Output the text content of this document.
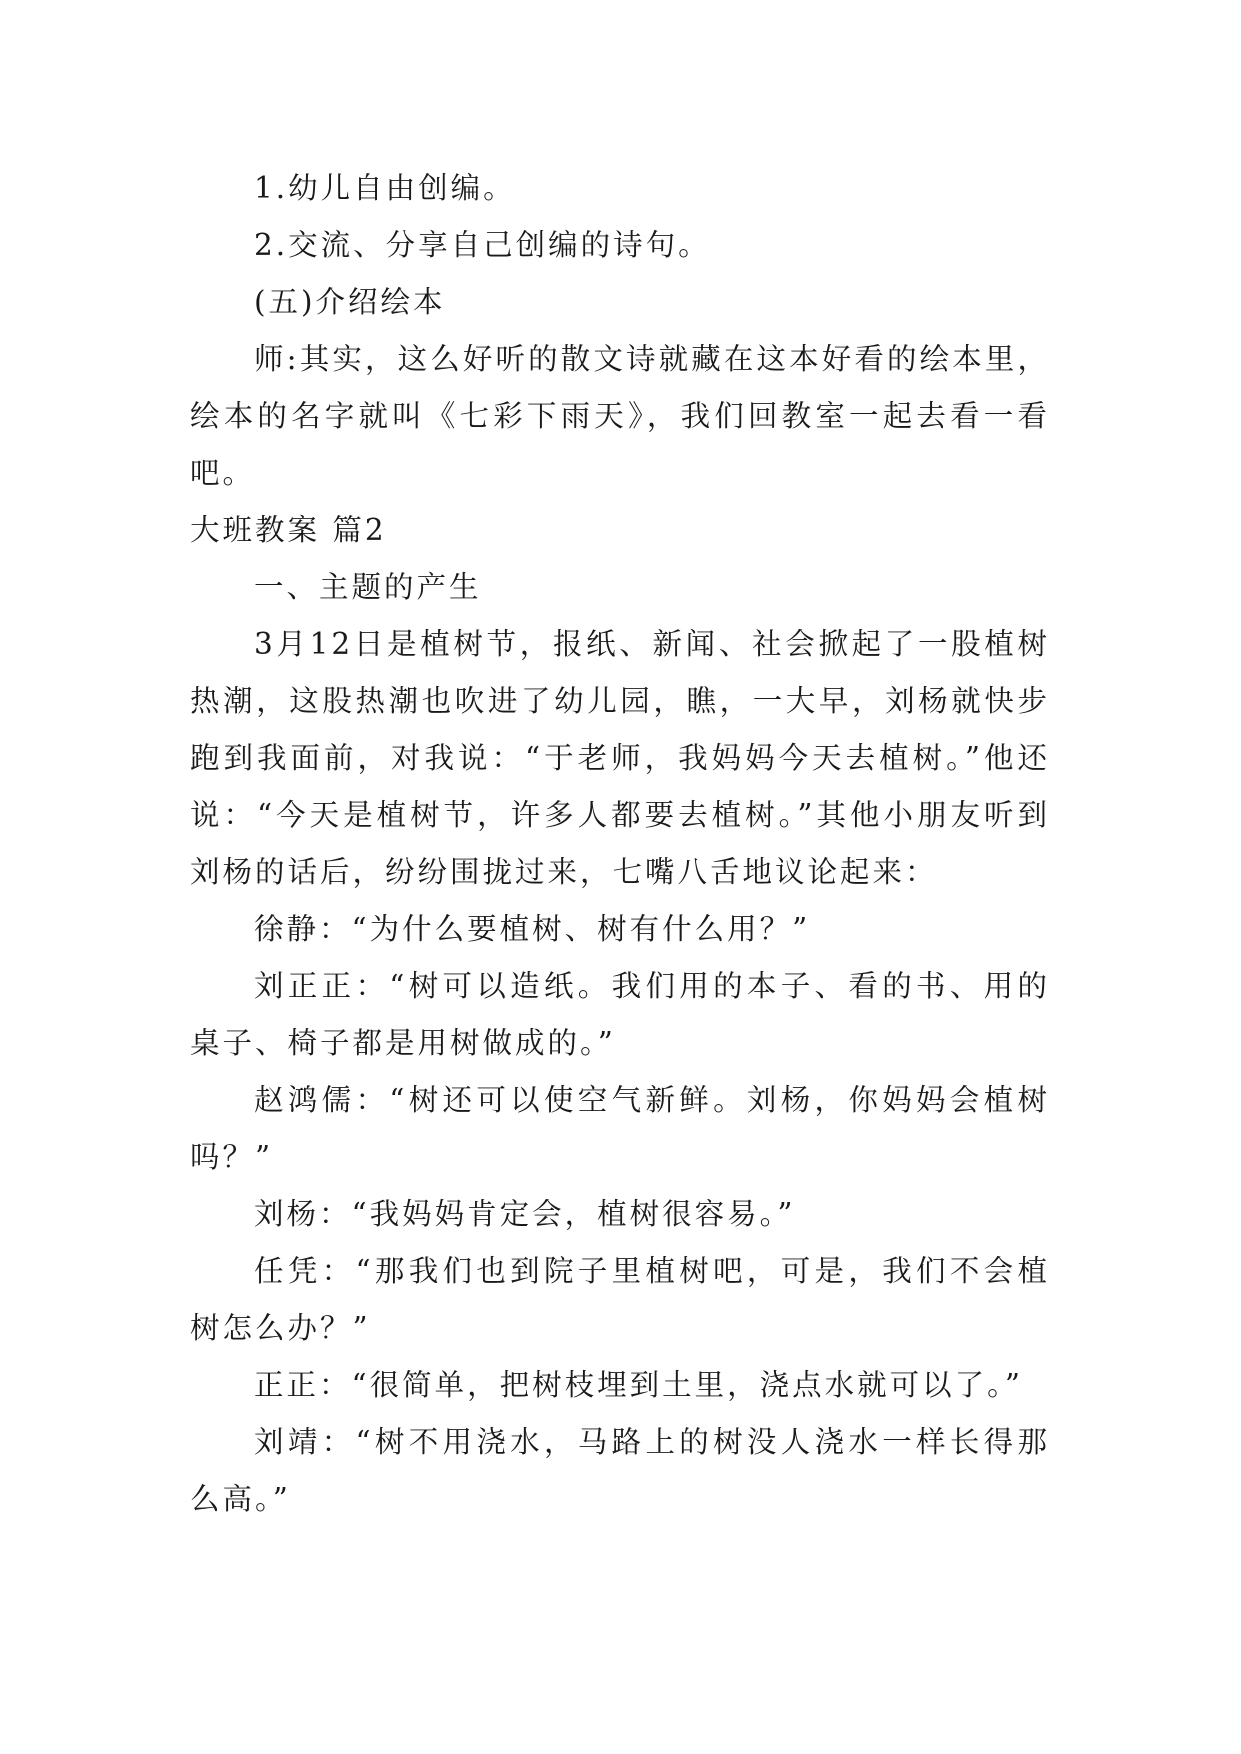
1.幼儿自由创编。

2.交流、分享自己创编的诗句。

(五)介绍绘本

师:其实，这么好听的散文诗就藏在这本好看的绘本里，绘本的名字就叫《七彩下雨天》，我们回教室一起去看一看吧。

大班教案 篇2

一、主题的产生

3月12日是植树节，报纸、新闻、社会掀起了一股植树热潮，这股热潮也吹进了幼儿园，瞧，一大早，刘杨就快步跑到我面前，对我说：“于老师，我妈妈今天去植树。”他还说：“今天是植树节，许多人都要去植树。”其他小朋友听到刘杨的话后，纷纷围拢过来，七嘴八舌地议论起来：

徐静：“为什么要植树、树有什么用？”

刘正正：“树可以造纸。我们用的本子、看的书、用的桌子、椅子都是用树做成的。”

赵鸿儒：“树还可以使空气新鲜。刘杨，你妈妈会植树吗？”

刘杨：“我妈妈肯定会，植树很容易。”

任凭：“那我们也到院子里植树吧，可是，我们不会植树怎么办？”

正正：“很简单，把树枝埋到土里，浇点水就可以了。”

刘靖：“树不用浇水，马路上的树没人浇水一样长得那么高。”
